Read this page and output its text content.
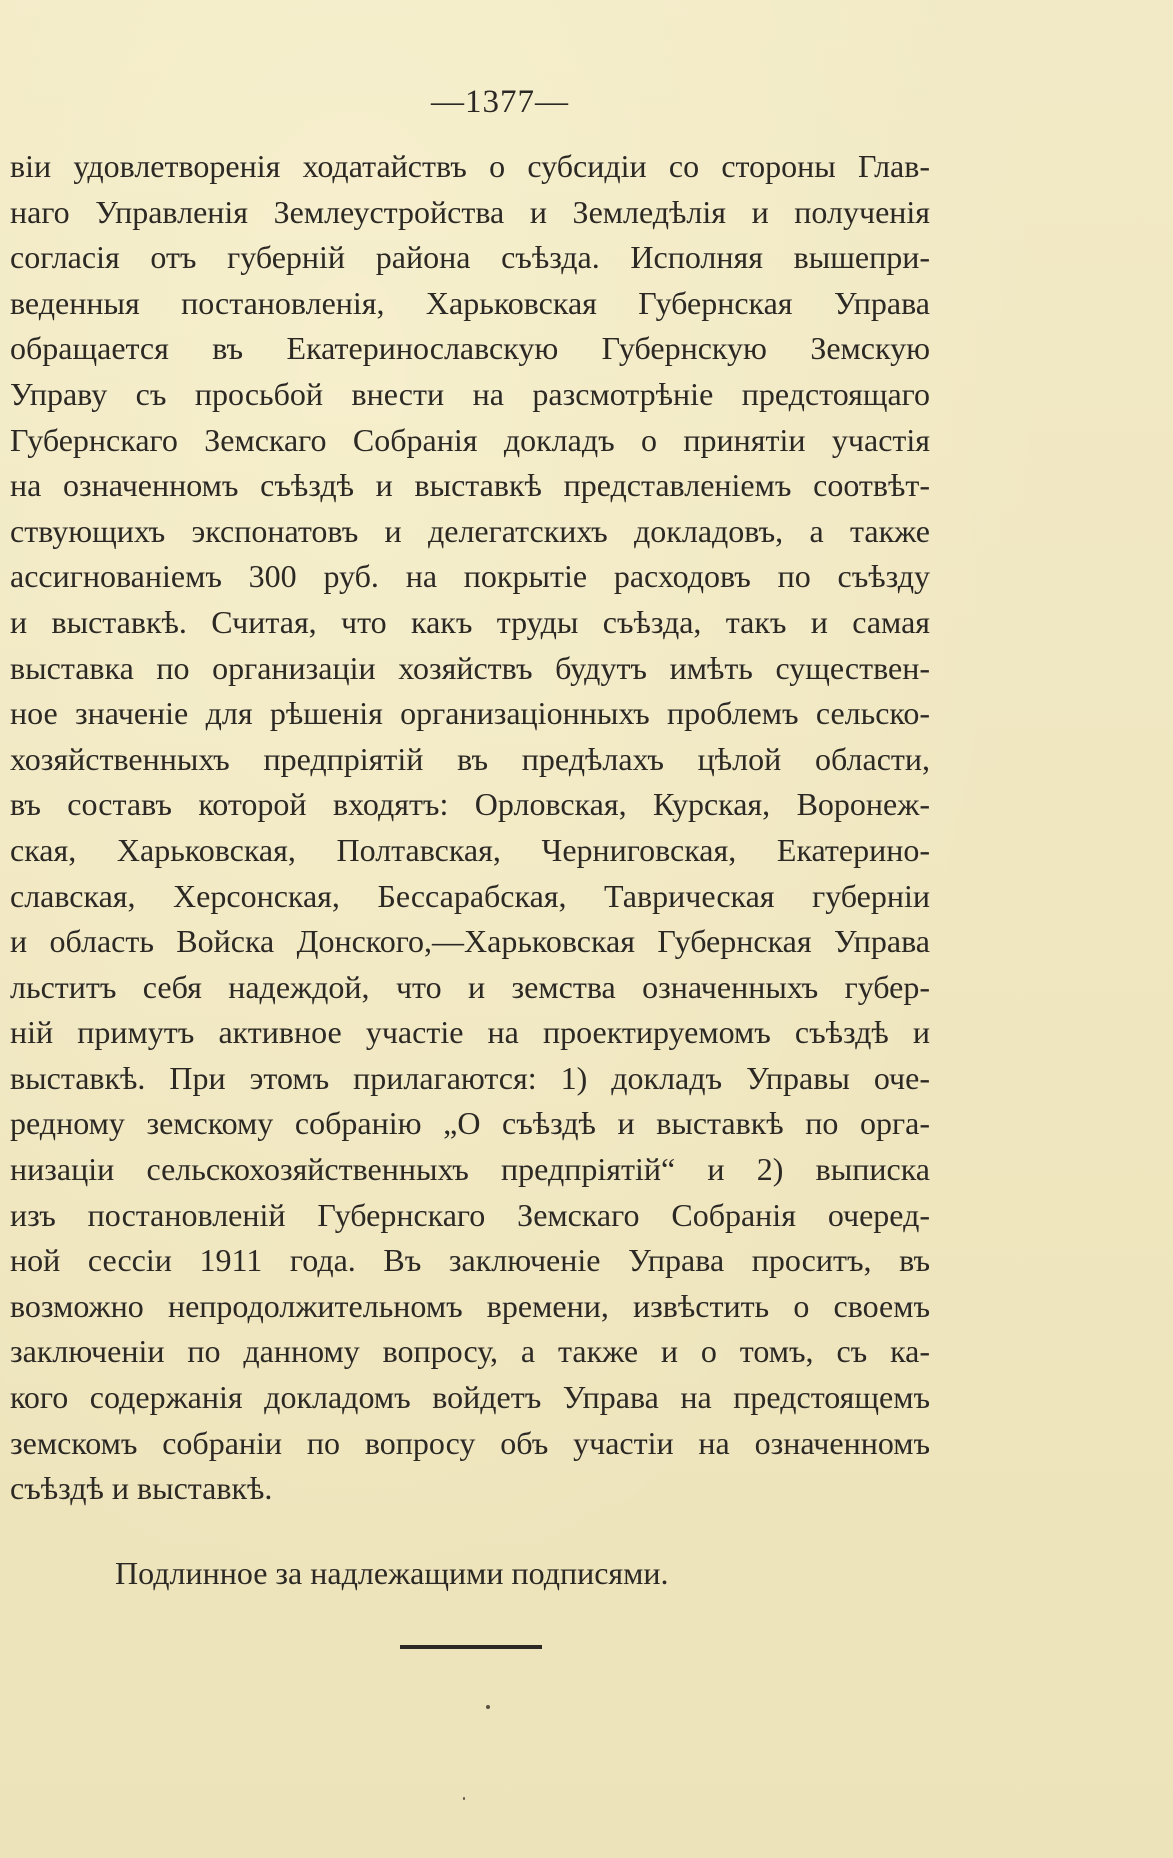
—1377—
віи удовлетворенія ходатайствъ о субсидіи со стороны Глав-
наго Управленія Землеустройства и Земледѣлія и полученія
согласія отъ губерній района съѣзда. Исполняя вышепри-
веденныя постановленія, Харьковская Губернская Управа
обращается въ Екатеринославскую Губернскую Земскую
Управу съ просьбой внести на разсмотрѣніе предстоящаго
Губернскаго Земскаго Собранія докладъ о принятіи участія
на означенномъ съѣздѣ и выставкѣ представленіемъ соотвѣт-
ствующихъ экспонатовъ и делегатскихъ докладовъ, а также
ассигнованіемъ 300 руб. на покрытіе расходовъ по съѣзду
и выставкѣ. Считая, что какъ труды съѣзда, такъ и самая
выставка по организаціи хозяйствъ будутъ имѣть существен-
ное значеніе для рѣшенія организаціонныхъ проблемъ сельско-
хозяйственныхъ предпріятій въ предѣлахъ цѣлой области,
въ составъ которой входятъ: Орловская, Курская, Воронеж-
ская, Харьковская, Полтавская, Черниговская, Екатерино-
славская, Херсонская, Бессарабская, Таврическая губерніи
и область Войска Донского,—Харьковская Губернская Управа
льститъ себя надеждой, что и земства означенныхъ губер-
ній примутъ активное участіе на проектируемомъ съѣздѣ и
выставкѣ. При этомъ прилагаются: 1) докладъ Управы оче-
редному земскому собранію „О съѣздѣ и выставкѣ по орга-
низаціи сельскохозяйственныхъ предпріятій“ и 2) выписка
изъ постановленій Губернскаго Земскаго Собранія очеред-
ной сессіи 1911 года. Въ заключеніе Управа проситъ, въ
возможно непродолжительномъ времени, извѣстить о своемъ
заключеніи по данному вопросу, а также и о томъ, съ ка-
кого содержанія докладомъ войдетъ Управа на предстоящемъ
земскомъ собраніи по вопросу объ участіи на означенномъ
съѣздѣ и выставкѣ.
Подлинное за надлежащими подписями.
